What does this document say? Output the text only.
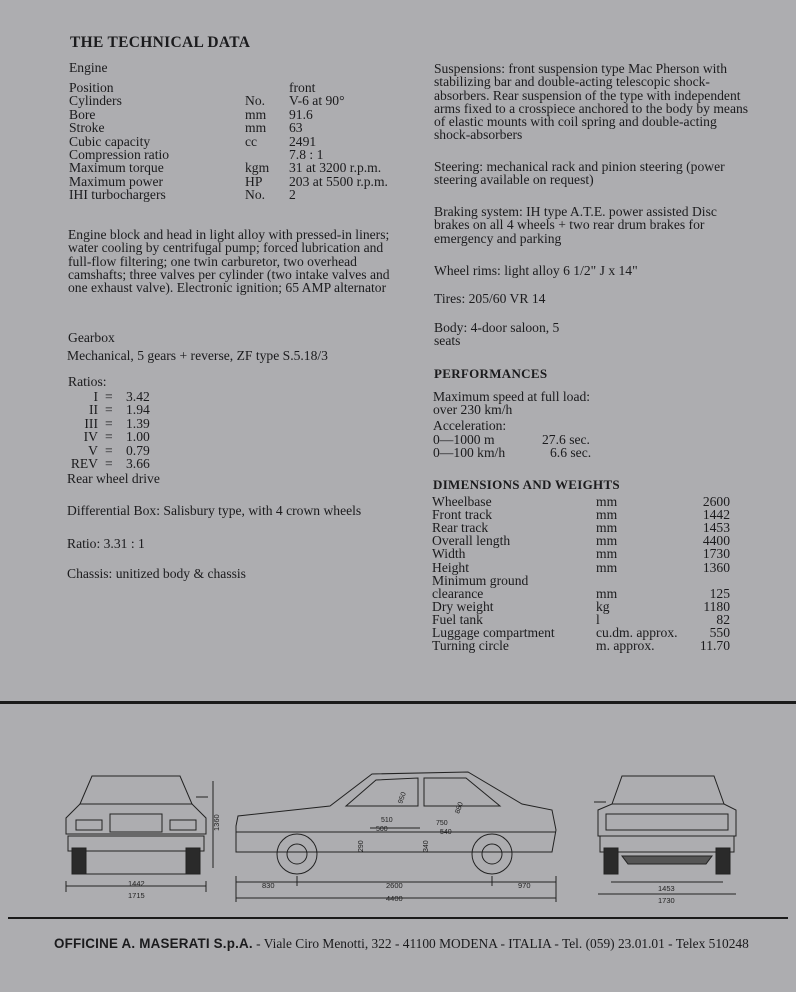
THE TECHNICAL DATA
Engine
Position	front
Cylinders	No. V-6 at 90°
Bore	mm 91.6
Stroke	mm 63
Cubic capacity	cc 2491
Compression ratio	7.8 : 1
Maximum torque	kgm 31 at 3200 r.p.m.
Maximum power	HP 203 at 5500 r.p.m.
IHI turbochargers	No. 2
Engine block and head in light alloy with pressed-in liners; water cooling by centrifugal pump; forced lubrication and full-flow filtering; one twin carburetor, two overhead camshafts; three valves per cylinder (two intake valves and one exhaust valve). Electronic ignition; 65 AMP alternator
Gearbox
Mechanical, 5 gears + reverse, ZF type S.5.18/3
Ratios:
I = 3.42
II = 1.94
III = 1.39
IV = 1.00
V = 0.79
REV = 3.66
Rear wheel drive
Differential Box: Salisbury type, with 4 crown wheels
Ratio: 3.31 : 1
Chassis: unitized body & chassis
Suspensions: front suspension type Mac Pherson with stabilizing bar and double-acting telescopic shock-absorbers. Rear suspension of the type with independent arms fixed to a crosspiece anchored to the body by means of elastic mounts with coil spring and double-acting shock-absorbers
Steering: mechanical rack and pinion steering (power steering available on request)
Braking system: IH type A.T.E. power assisted Disc brakes on all 4 wheels + two rear drum brakes for emergency and parking
Wheel rims: light alloy 6 1/2" J x 14"
Tires: 205/60 VR 14
Body: 4-door saloon, 5 seats
PERFORMANCES
Maximum speed at full load:
over 230 km/h
Acceleration:
0—1000 m	27.6 sec.
0—100 km/h	6.6 sec.
DIMENSIONS AND WEIGHTS
Wheelbase	mm	2600
Front track	mm	1442
Rear track	mm	1453
Overall length	mm	4400
Width	mm	1730
Height	mm	1360
Minimum ground
clearance	mm	125
Dry weight	kg	1180
Fuel tank	l	82
Luggage compartment	cu.dm. approx. 550
Turning circle	m. approx.	11.70
1442
1715
1360
830	2600	970
4400
950
510
500
880
750
540
290	340
1453
1730
OFFICINE A. MASERATI S.p.A. - Viale Ciro Menotti, 322 - 41100 MODENA - ITALIA - Tel. (059) 23.01.01 - Telex 510248
